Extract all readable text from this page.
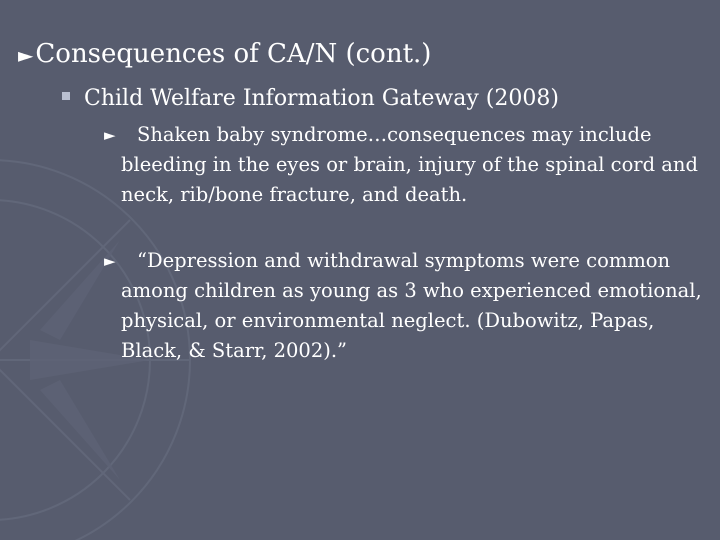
►Consequences of CA/N (cont.)
Child Welfare Information Gateway (2008)
►	Shaken baby syndrome…consequences may include bleeding in the eyes or brain, injury of the spinal cord and neck, rib/bone fracture, and death.
►	“Depression and withdrawal symptoms were common among children as young as 3 who experienced emotional, physical, or environmental neglect. (Dubowitz, Papas, Black, & Starr, 2002).”
